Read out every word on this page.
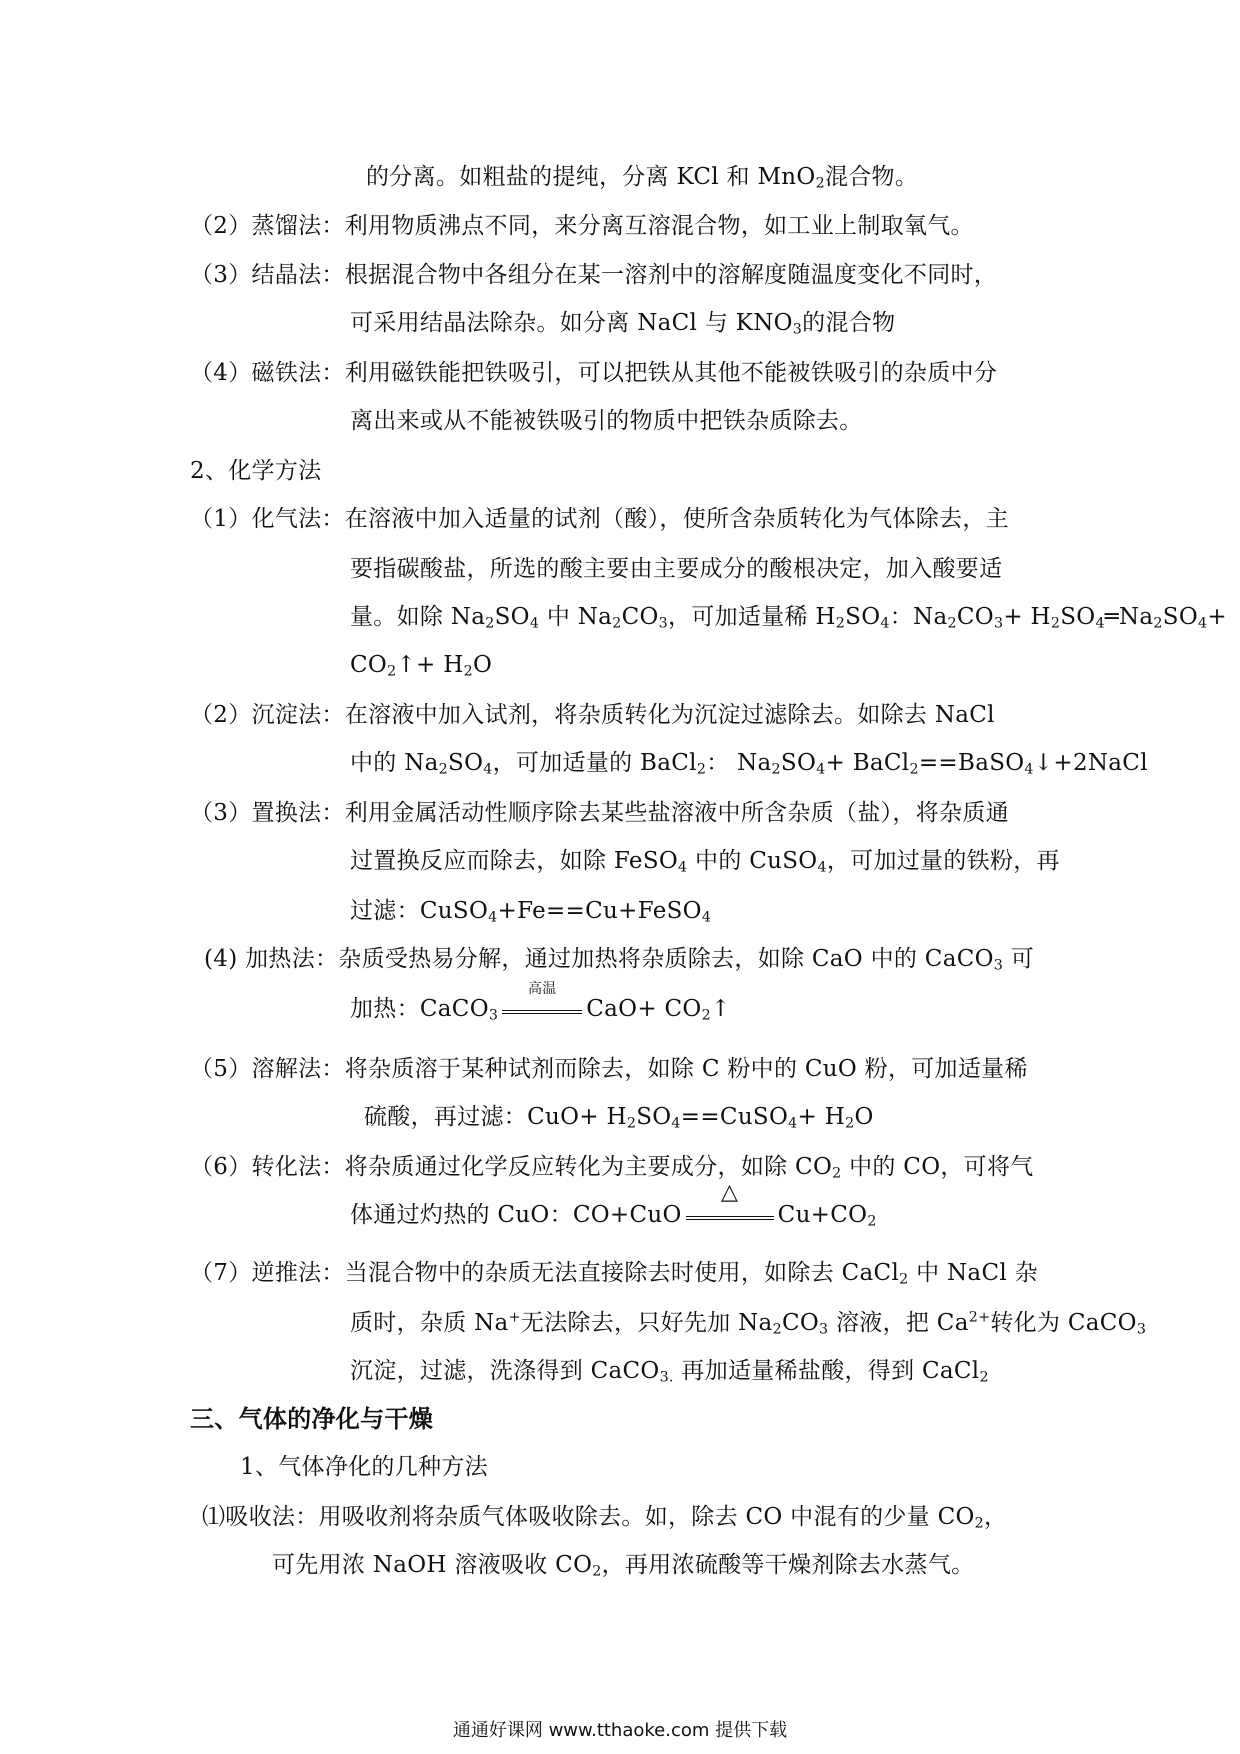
的分离。如粗盐的提纯，分离 KCl 和 MnO$_2$混合物。
（2）蒸馏法：利用物质沸点不同，来分离互溶混合物，如工业上制取氧气。
（3）结晶法：根据混合物中各组分在某一溶剂中的溶解度随温度变化不同时，
可采用结晶法除杂。如分离 NaCl 与 $KNO_3$的混合物
（4）磁铁法：利用磁铁能把铁吸引，可以把铁从其他不能被铁吸引的杂质中分
离出来或从不能被铁吸引的物质中把铁杂质除去。
2、化学方法
（1）化气法：在溶液中加入适量的试剂（酸），使所含杂质转化为气体除去，主
要指碳酸盐，所选的酸主要由主要成分的酸根决定，加入酸要适
量。如除 $Na_2SO_4$ 中 $Na_2CO_3$，可加适量稀 $H_2SO_4$：$Na_2CO_3+$ $H_2SO_4═Na_2SO_4+$
$CO_2↑+ H_2O$
（2）沉淀法：在溶液中加入试剂，将杂质转化为沉淀过滤除去。如除去 NaCl
中的 $Na_2SO_4$，可加适量的 BaCl$_2$： $Na_2SO_4+$ BaCl$_2$==BaSO$_4$↓+2NaCl
（3）置换法：利用金属活动性顺序除去某些盐溶液中所含杂质（盐），将杂质通
过置换反应而除去，如除 FeSO$_4$ 中的 CuSO$_4$，可加过量的铁粉，再
过滤：CuSO$_4$+Fe==Cu+FeSO$_4$
(4) 加热法：杂质受热易分解，通过加热将杂质除去，如除 CaO 中的 CaCO$_3$ 可
加热：CaCO$_3$
高温
$CaO+ CO_2↑$
（5）溶解法：将杂质溶于某种试剂而除去，如除 C 粉中的 CuO 粉，可加适量稀
硫酸，再过滤：$CuO+ H_2SO_4==CuSO_4+ H_2O$
（6）转化法：将杂质通过化学反应转化为主要成分，如除 $CO_2$ 中的 CO，可将气
体通过灼热的 CuO：CO+CuO
△
$Cu+CO_2$
（7）逆推法：当混合物中的杂质无法直接除去时使用，如除去 CaCl$_2$ 中 NaCl 杂
质时，杂质 Na+无法除去，只好先加 $Na_2CO_3$ 溶液，把 $Ca^{2+}$转化为 CaCO$_3$
沉淀，过滤，洗涤得到 CaCO$_{3.}$ 再加适量稀盐酸，得到 CaCl$_2$
三、气体的净化与干燥
1、气体净化的几种方法
⑴吸收法：用吸收剂将杂质气体吸收除去。如，除去 CO 中混有的少量 $CO_2$，
可先用浓 NaOH 溶液吸收 $CO_2$，再用浓硫酸等干燥剂除去水蒸气。
通通好课网 www.tthaoke.com 提供下载
